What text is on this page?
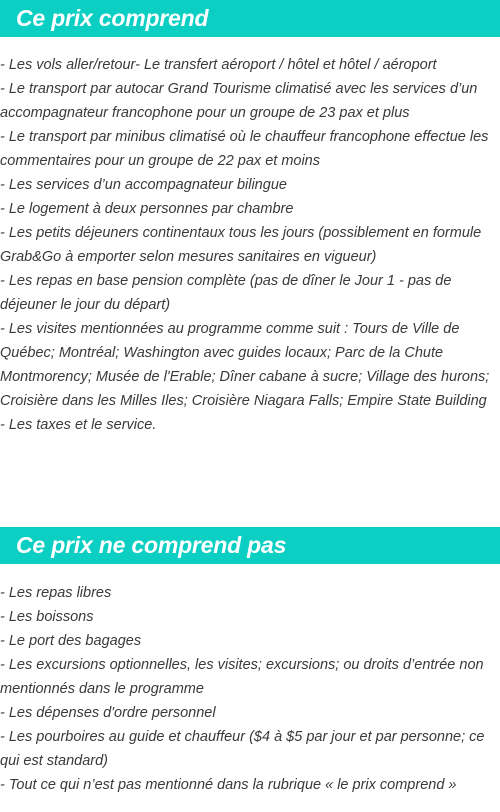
Ce prix comprend
- Les vols aller/retour- Le transfert aéroport / hôtel et hôtel / aéroport
- Le transport par autocar Grand Tourisme climatisé avec les services d’un accompagnateur francophone pour un groupe de 23 pax et plus
- Le transport par minibus climatisé où le chauffeur francophone effectue les commentaires pour un groupe de 22 pax et moins
- Les services d’un accompagnateur bilingue
- Le logement à deux personnes par chambre
- Les petits déjeuners continentaux tous les jours (possiblement en formule Grab&Go à emporter selon mesures sanitaires en vigueur)
- Les repas en base pension complète (pas de dîner le Jour 1 - pas de déjeuner le jour du départ)
- Les visites mentionnées au programme comme suit : Tours de Ville de Québec; Montréal; Washington avec guides locaux; Parc de la Chute Montmorency; Musée de l'Erable; Dîner cabane à sucre; Village des hurons; Croisière dans les Milles Iles; Croisière Niagara Falls; Empire State Building
- Les taxes et le service.
Ce prix ne comprend pas
- Les repas libres
- Les boissons
- Le port des bagages
- Les excursions optionnelles, les visites; excursions; ou droits d’entrée non mentionnés dans le programme
- Les dépenses d'ordre personnel
- Les pourboires au guide et chauffeur ($4 à $5 par jour et par personne; ce qui est standard)
- Tout ce qui n’est pas mentionné dans la rubrique « le prix comprend »
